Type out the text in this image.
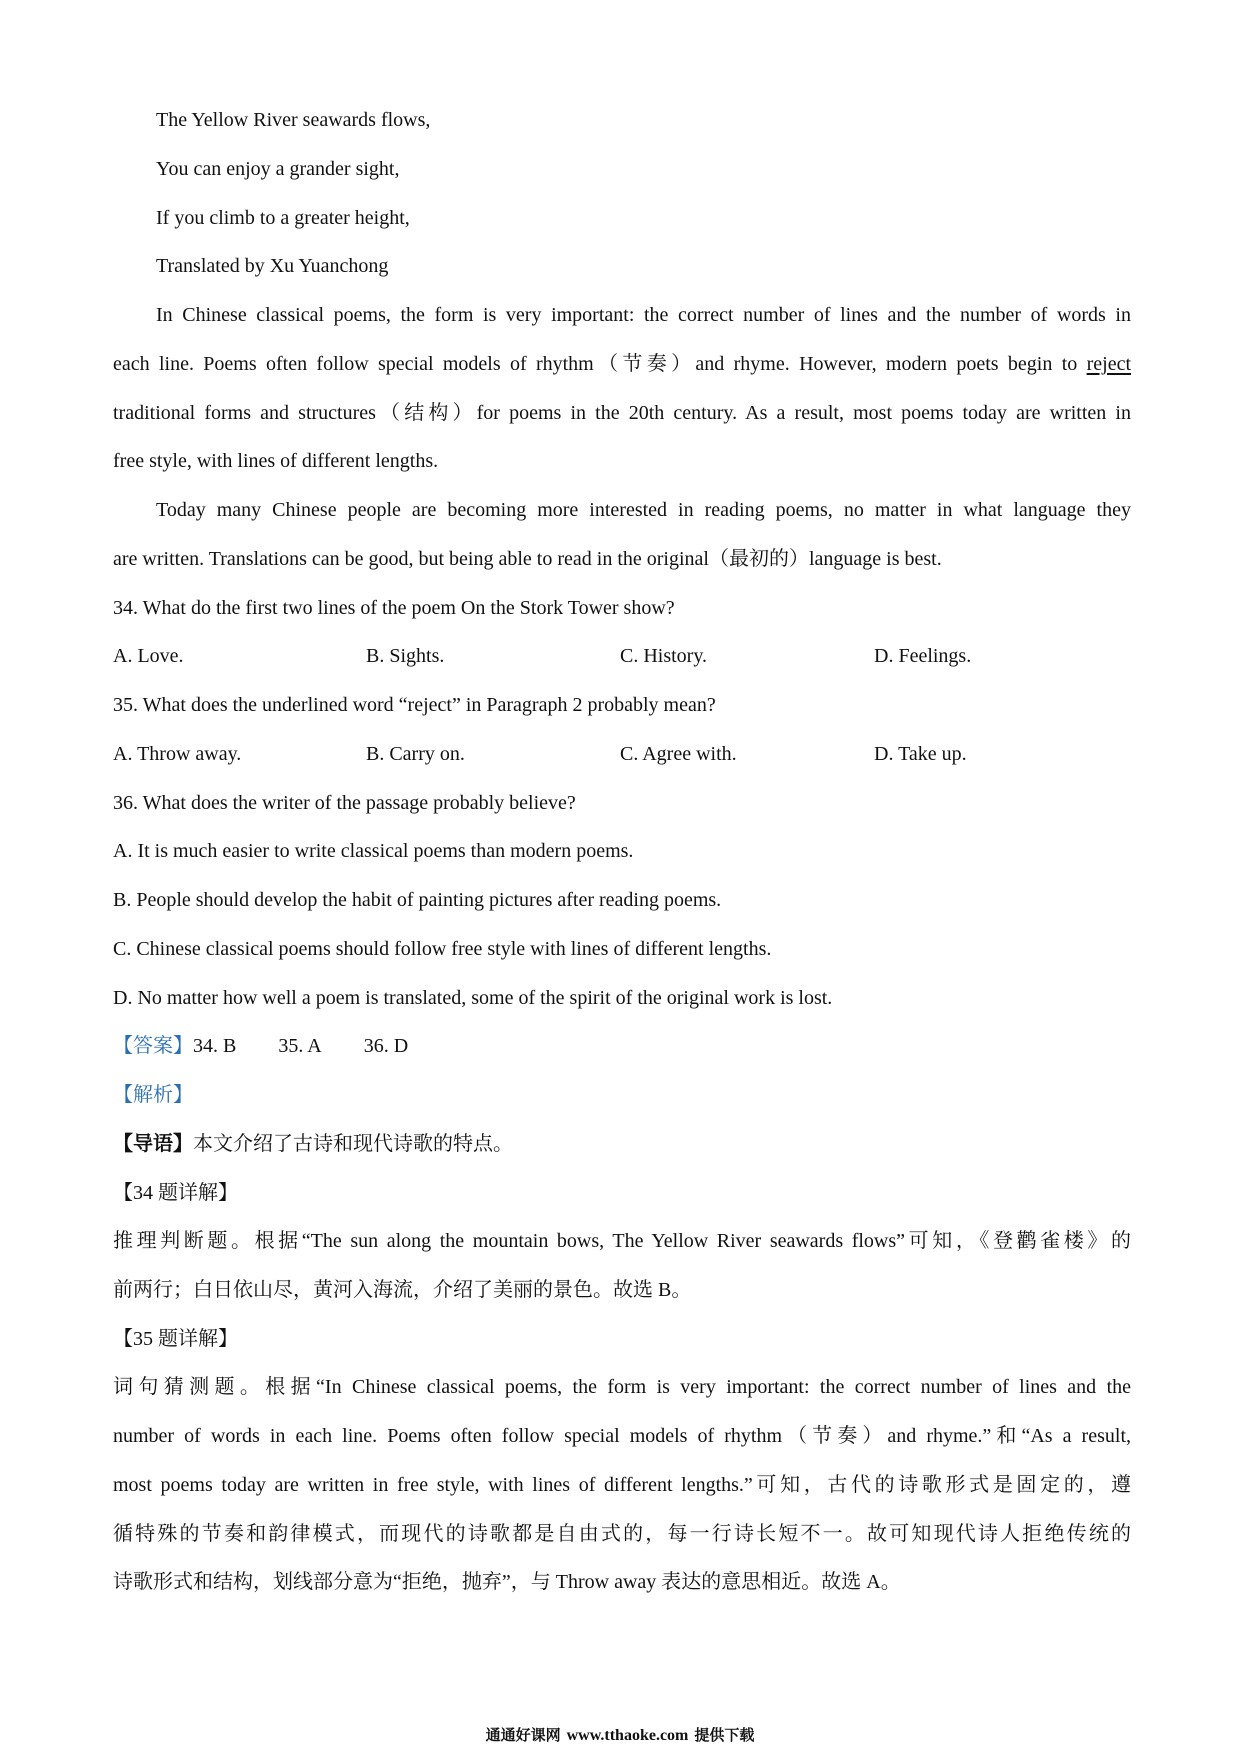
The Yellow River seawards flows,
You can enjoy a grander sight,
If you climb to a greater height,
Translated by Xu Yuanchong
In Chinese classical poems, the form is very important: the correct number of lines and the number of words in
each line. Poems often follow special models of rhythm（节奏）and rhyme. However, modern poets begin to reject
traditional forms and structures（结构）for poems in the 20th century. As a result, most poems today are written in
free style, with lines of different lengths.
Today many Chinese people are becoming more interested in reading poems, no matter in what language they
are written. Translations can be good, but being able to read in the original（最初的）language is best.
34. What do the first two lines of the poem On the Stork Tower show?
A. Love.	B. Sights.	C. History.	D. Feelings.
35. What does the underlined word “reject” in Paragraph 2 probably mean?
A. Throw away.	B. Carry on.	C. Agree with.	D. Take up.
36. What does the writer of the passage probably believe?
A. It is much easier to write classical poems than modern poems.
B. People should develop the habit of painting pictures after reading poems.
C. Chinese classical poems should follow free style with lines of different lengths.
D. No matter how well a poem is translated, some of the spirit of the original work is lost.
【答案】34. B 35. A 36. D
【解析】
【导语】本文介绍了古诗和现代诗歌的特点。
【34 题详解】
推理判断题。根据“The sun along the mountain bows, The Yellow River seawards flows”可知，《登鹳雀楼》的
前两行；白日依山尽，黄河入海流，介绍了美丽的景色。故选 B。
【35 题详解】
词句猜测题。根据“In Chinese classical poems, the form is very important: the correct number of lines and the
number of words in each line. Poems often follow special models of rhythm（节奏）and rhyme.”和“As a result,
most poems today are written in free style, with lines of different lengths.”可知，古代的诗歌形式是固定的，遵
循特殊的节奏和韵律模式，而现代的诗歌都是自由式的，每一行诗长短不一。故可知现代诗人拒绝传统的
诗歌形式和结构，划线部分意为“拒绝，抛弃”，与 Throw away 表达的意思相近。故选 A。
通通好课网 www.tthaoke.com 提供下载
